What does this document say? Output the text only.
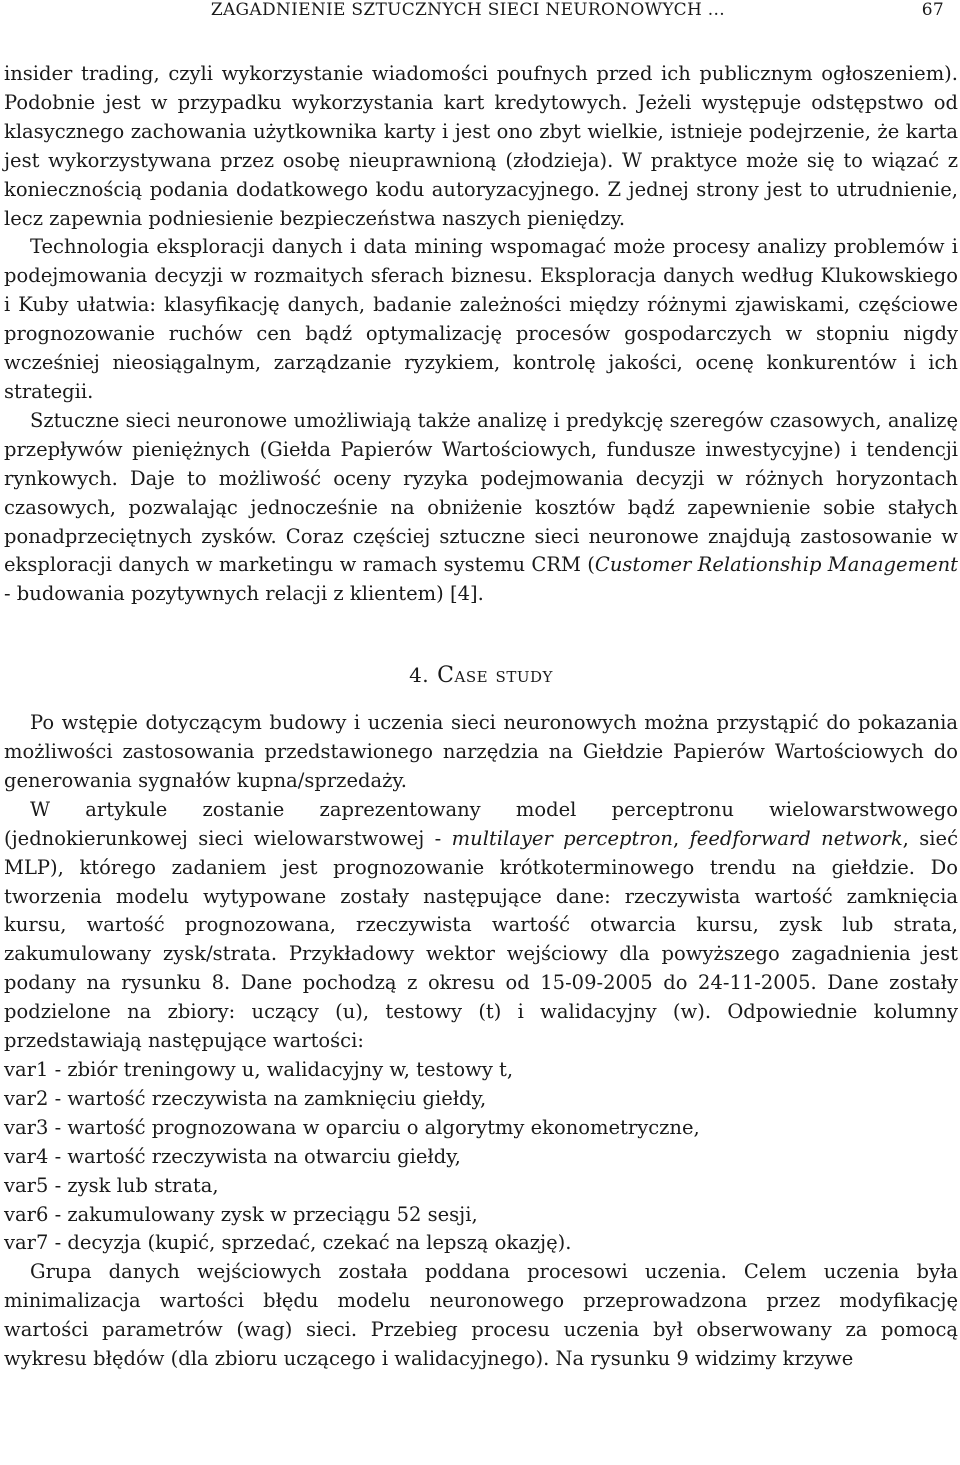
ZAGADNIENIE SZTUCZNYCH SIECI NEURONOWYCH ...	67

insider trading, czyli wykorzystanie wiadomości poufnych przed ich publicznym ogłoszeniem). Podobnie jest w przypadku wykorzystania kart kredytowych. Jeżeli występuje odstępstwo od klasycznego zachowania użytkownika karty i jest ono zbyt wielkie, istnieje podejrzenie, że karta jest wykorzystywana przez osobę nieuprawnioną (złodzieja). W praktyce może się to wiązać z koniecznością podania dodatkowego kodu autoryzacyjnego. Z jednej strony jest to utrudnienie, lecz zapewnia podniesienie bezpieczeństwa naszych pieniędzy.

Technologia eksploracji danych i data mining wspomagać może procesy analizy problemów i podejmowania decyzji w rozmaitych sferach biznesu. Eksploracja danych według Klukowskiego i Kuby ułatwia: klasyfikację danych, badanie zależności między różnymi zjawiskami, częściowe prognozowanie ruchów cen bądź optymalizację procesów gospodarczych w stopniu nigdy wcześniej nieosiągalnym, zarządzanie ryzykiem, kontrolę jakości, ocenę konkurentów i ich strategii.

Sztuczne sieci neuronowe umożliwiają także analizę i predykcję szeregów czasowych, analizę przepływów pieniężnych (Giełda Papierów Wartościowych, fundusze inwestycyjne) i tendencji rynkowych. Daje to możliwość oceny ryzyka podejmowania decyzji w różnych horyzontach czasowych, pozwalając jednocześnie na obniżenie kosztów bądź zapewnienie sobie stałych ponadprzeciętnych zysków. Coraz częściej sztuczne sieci neuronowe znajdują zastosowanie w eksploracji danych w marketingu w ramach systemu CRM (Customer Relationship Management - budowania pozytywnych relacji z klientem) [4].

4. Case study

Po wstępie dotyczącym budowy i uczenia sieci neuronowych można przystąpić do pokazania możliwości zastosowania przedstawionego narzędzia na Giełdzie Papierów Wartościowych do generowania sygnałów kupna/sprzedaży.

W artykule zostanie zaprezentowany model perceptronu wielowarstwowego (jednokierunkowej sieci wielowarstwowej - multilayer perceptron, feedforward network, sieć MLP), którego zadaniem jest prognozowanie krótkoterminowego trendu na giełdzie. Do tworzenia modelu wytypowane zostały następujące dane: rzeczywista wartość zamknięcia kursu, wartość prognozowana, rzeczywista wartość otwarcia kursu, zysk lub strata, zakumulowany zysk/strata. Przykładowy wektor wejściowy dla powyższego zagadnienia jest podany na rysunku 8. Dane pochodzą z okresu od 15-09-2005 do 24-11-2005. Dane zostały podzielone na zbiory: uczący (u), testowy (t) i walidacyjny (w). Odpowiednie kolumny przedstawiają następujące wartości:

var1 - zbiór treningowy u, walidacyjny w, testowy t,
var2 - wartość rzeczywista na zamknięciu giełdy,
var3 - wartość prognozowana w oparciu o algorytmy ekonometryczne,
var4 - wartość rzeczywista na otwarciu giełdy,
var5 - zysk lub strata,
var6 - zakumulowany zysk w przeciągu 52 sesji,
var7 - decyzja (kupić, sprzedać, czekać na lepszą okazję).

Grupa danych wejściowych została poddana procesowi uczenia. Celem uczenia była minimalizacja wartości błędu modelu neuronowego przeprowadzona przez modyfikację wartości parametrów (wag) sieci. Przebieg procesu uczenia był obserwowany za pomocą wykresu błędów (dla zbioru uczącego i walidacyjnego). Na rysunku 9 widzimy krzywe
